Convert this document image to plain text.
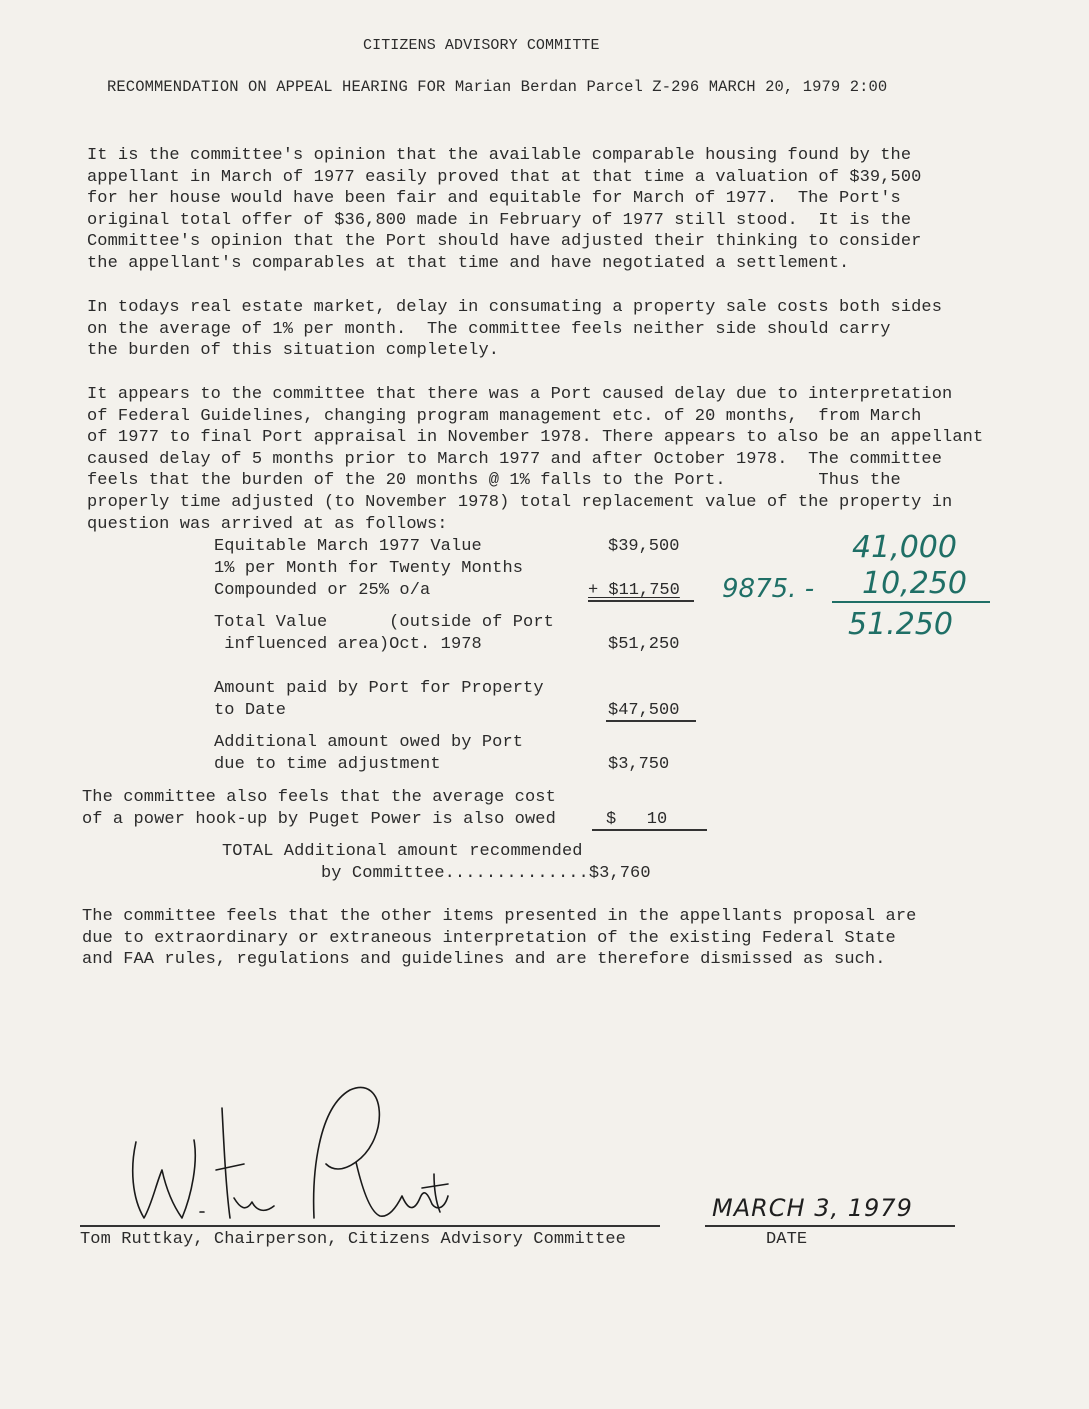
CITIZENS ADVISORY COMMITTE
RECOMMENDATION ON APPEAL HEARING FOR Marian Berdan Parcel Z-296 MARCH 20, 1979 2:00
It is the committee's opinion that the available comparable housing found by the
appellant in March of 1977 easily proved that at that time a valuation of $39,500
for her house would have been fair and equitable for March of 1977.  The Port's
original total offer of $36,800 made in February of 1977 still stood.  It is the
Committee's opinion that the Port should have adjusted their thinking to consider
the appellant's comparables at that time and have negotiated a settlement.
In todays real estate market, delay in consumating a property sale costs both sides
on the average of 1% per month.  The committee feels neither side should carry
the burden of this situation completely.
It appears to the committee that there was a Port caused delay due to interpretation
of Federal Guidelines, changing program management etc. of 20 months,  from March
of 1977 to final Port appraisal in November 1978. There appears to also be an appellant
caused delay of 5 months prior to March 1977 and after October 1978.  The committee
feels that the burden of the 20 months @ 1% falls to the Port.         Thus the
properly time adjusted (to November 1978) total replacement value of the property in
question was arrived at as follows:
Equitable March 1977 Value	$39,500
1% per Month for Twenty Months
Compounded or 25% o/a	+ $11,750
Total Value      (outside of Port
influenced area)Oct. 1978	$51,250
Amount paid by Port for Property
to Date	$47,500
Additional amount owed by Port
due to time adjustment	$3,750
The committee also feels that the average cost
of a power hook-up by Puget Power is also owed	$   10
TOTAL Additional amount recommended
by Committee..............$3,760
9875. -
41,000
10,250
51.250
The committee feels that the other items presented in the appellants proposal are
due to extraordinary or extraneous interpretation of the existing Federal State
and FAA rules, regulations and guidelines and are therefore dismissed as such.
Tom Ruttkay, Chairperson, Citizens Advisory Committee
MARCH 3, 1979
DATE
